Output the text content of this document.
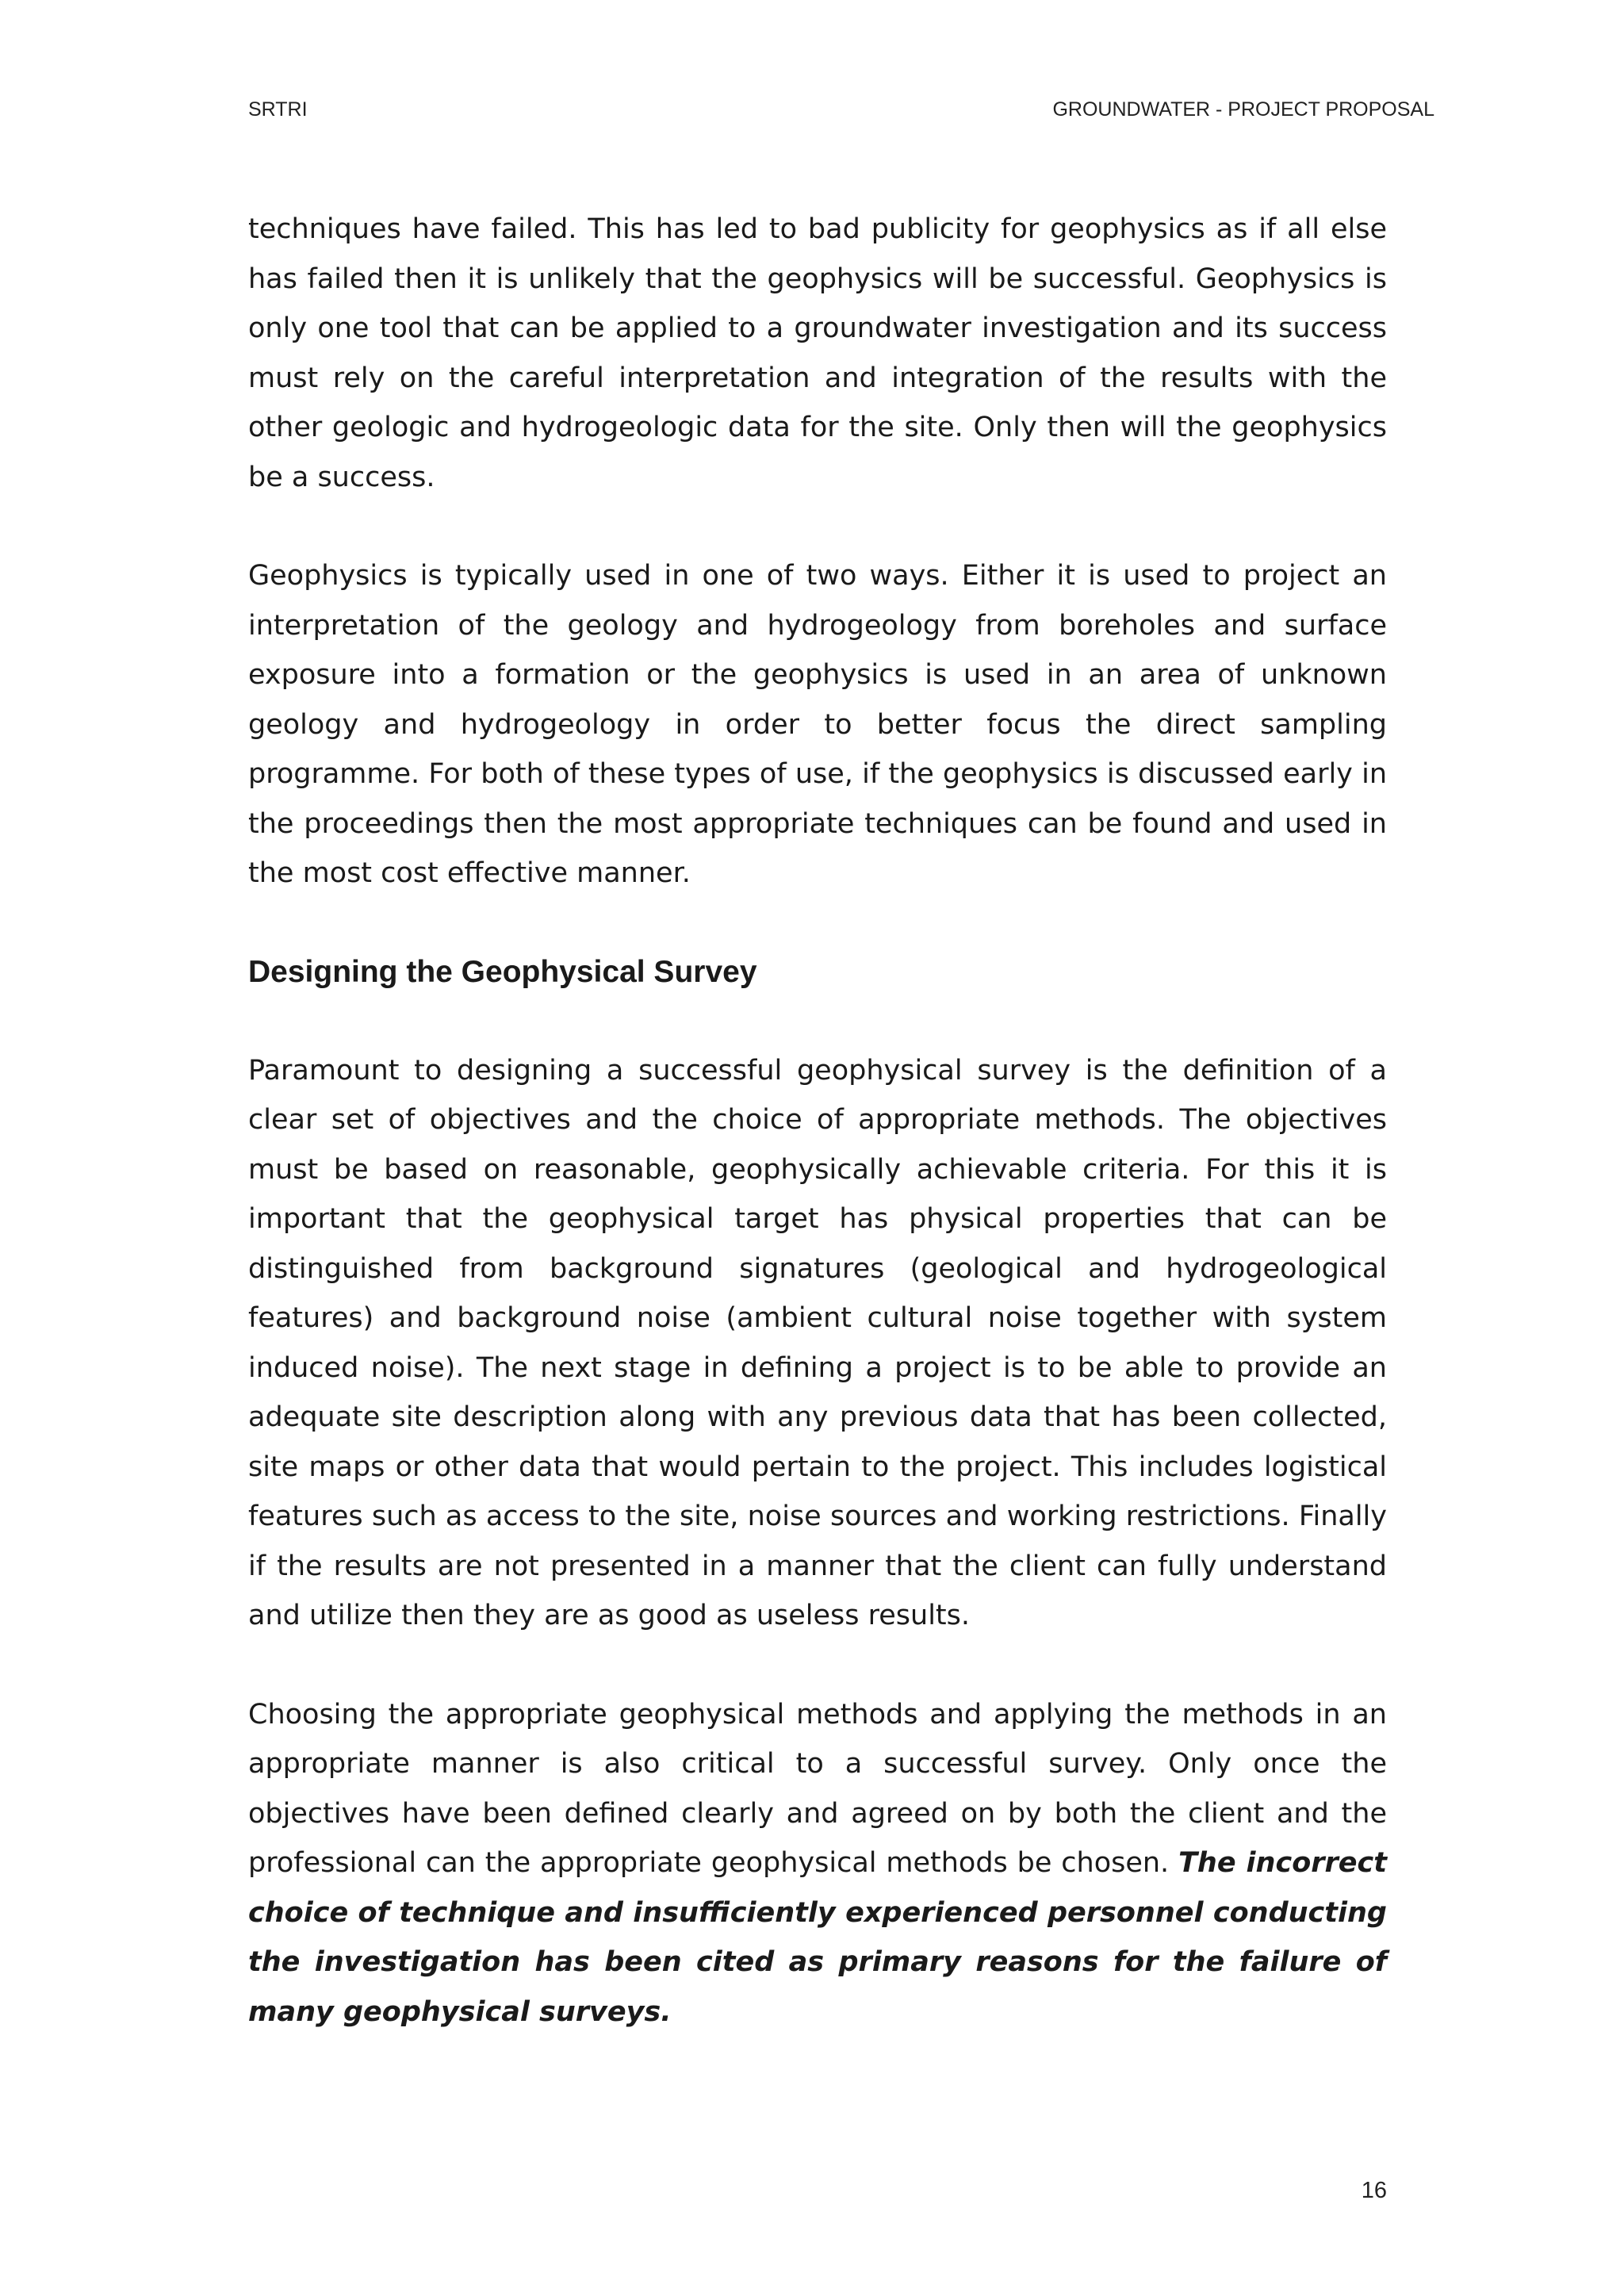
SRTRI	GROUNDWATER - PROJECT PROPOSAL

techniques have failed. This has led to bad publicity for geophysics as if all else has failed then it is unlikely that the geophysics will be successful. Geophysics is only one tool that can be applied to a groundwater investigation and its success must rely on the careful interpretation and integration of the results with the other geologic and hydrogeologic data for the site. Only then will the geophysics be a success.

Geophysics is typically used in one of two ways. Either it is used to project an interpretation of the geology and hydrogeology from boreholes and surface exposure into a formation or the geophysics is used in an area of unknown geology and hydrogeology in order to better focus the direct sampling programme. For both of these types of use, if the geophysics is discussed early in the proceedings then the most appropriate techniques can be found and used in the most cost effective manner.

Designing the Geophysical Survey

Paramount to designing a successful geophysical survey is the definition of a clear set of objectives and the choice of appropriate methods. The objectives must be based on reasonable, geophysically achievable criteria. For this it is important that the geophysical target has physical properties that can be distinguished from background signatures (geological and hydrogeological features) and background noise (ambient cultural noise together with system induced noise). The next stage in defining a project is to be able to provide an adequate site description along with any previous data that has been collected, site maps or other data that would pertain to the project. This includes logistical features such as access to the site, noise sources and working restrictions. Finally if the results are not presented in a manner that the client can fully understand and utilize then they are as good as useless results.

Choosing the appropriate geophysical methods and applying the methods in an appropriate manner is also critical to a successful survey. Only once the objectives have been defined clearly and agreed on by both the client and the professional can the appropriate geophysical methods be chosen. The incorrect choice of technique and insufficiently experienced personnel conducting the investigation has been cited as primary reasons for the failure of many geophysical surveys.

16
